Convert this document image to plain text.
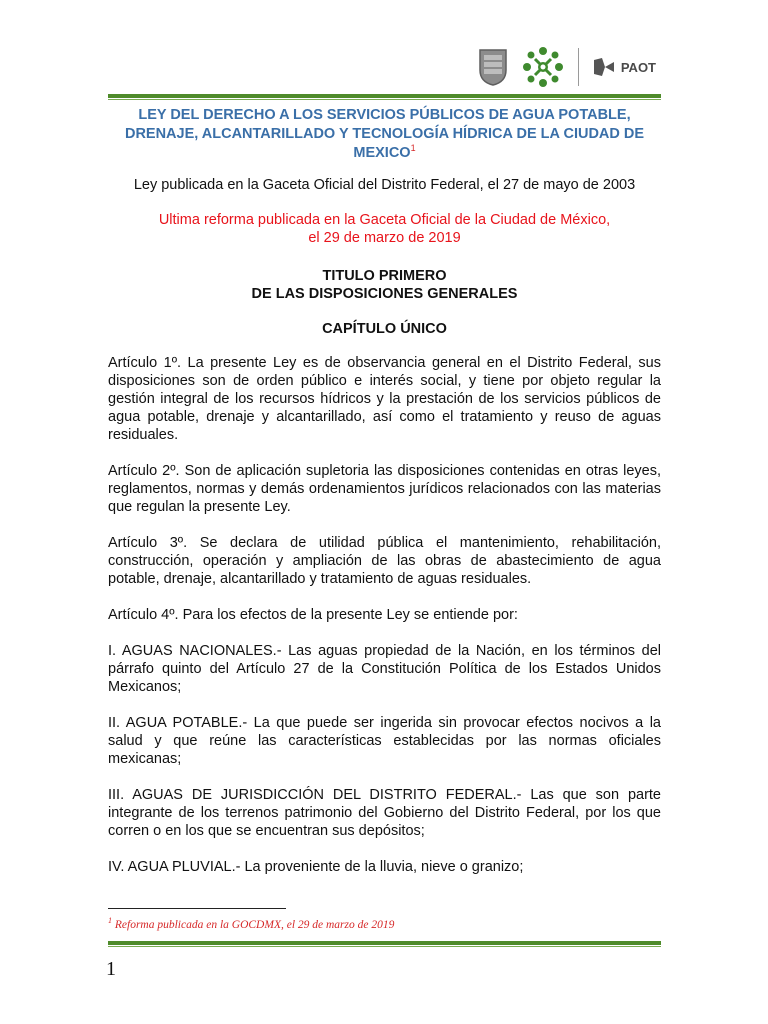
PAOT

LEY DEL DERECHO A LOS SERVICIOS PÚBLICOS DE AGUA POTABLE, DRENAJE, ALCANTARILLADO Y TECNOLOGÍA HÍDRICA DE LA CIUDAD DE MEXICO$^1$

Ley publicada en la Gaceta Oficial del Distrito Federal, el 27 de mayo de 2003

Ultima reforma publicada en la Gaceta Oficial de la Ciudad de México,
el 29 de marzo de 2019
TITULO PRIMERO
DE LAS DISPOSICIONES GENERALES

CAPÍTULO ÚNICO

Artículo 1º. La presente Ley es de observancia general en el Distrito Federal, sus disposiciones son de orden público e interés social, y tiene por objeto regular la gestión integral de los recursos hídricos y la prestación de los servicios públicos de agua potable, drenaje y alcantarillado, así como el tratamiento y reuso de aguas residuales.

Artículo 2º. Son de aplicación supletoria las disposiciones contenidas en otras leyes, reglamentos, normas y demás ordenamientos jurídicos relacionados con las materias que regulan la presente Ley.

Artículo 3º. Se declara de utilidad pública el mantenimiento, rehabilitación, construcción, operación y ampliación de las obras de abastecimiento de agua potable, drenaje, alcantarillado y tratamiento de aguas residuales.

Artículo 4º. Para los efectos de la presente Ley se entiende por:

I. AGUAS NACIONALES.- Las aguas propiedad de la Nación, en los términos del párrafo quinto del Artículo 27 de la Constitución Política de los Estados Unidos Mexicanos;

II. AGUA POTABLE.- La que puede ser ingerida sin provocar efectos nocivos a la salud y que reúne las características establecidas por las normas oficiales mexicanas;

III. AGUAS DE JURISDICCIÓN DEL DISTRITO FEDERAL.- Las que son parte integrante de los terrenos patrimonio del Gobierno del Distrito Federal, por los que corren o en los que se encuentran sus depósitos;

IV. AGUA PLUVIAL.- La proveniente de la lluvia, nieve o granizo;

$^1$ Reforma publicada en la GOCDMX, el 29 de marzo de 2019
1
